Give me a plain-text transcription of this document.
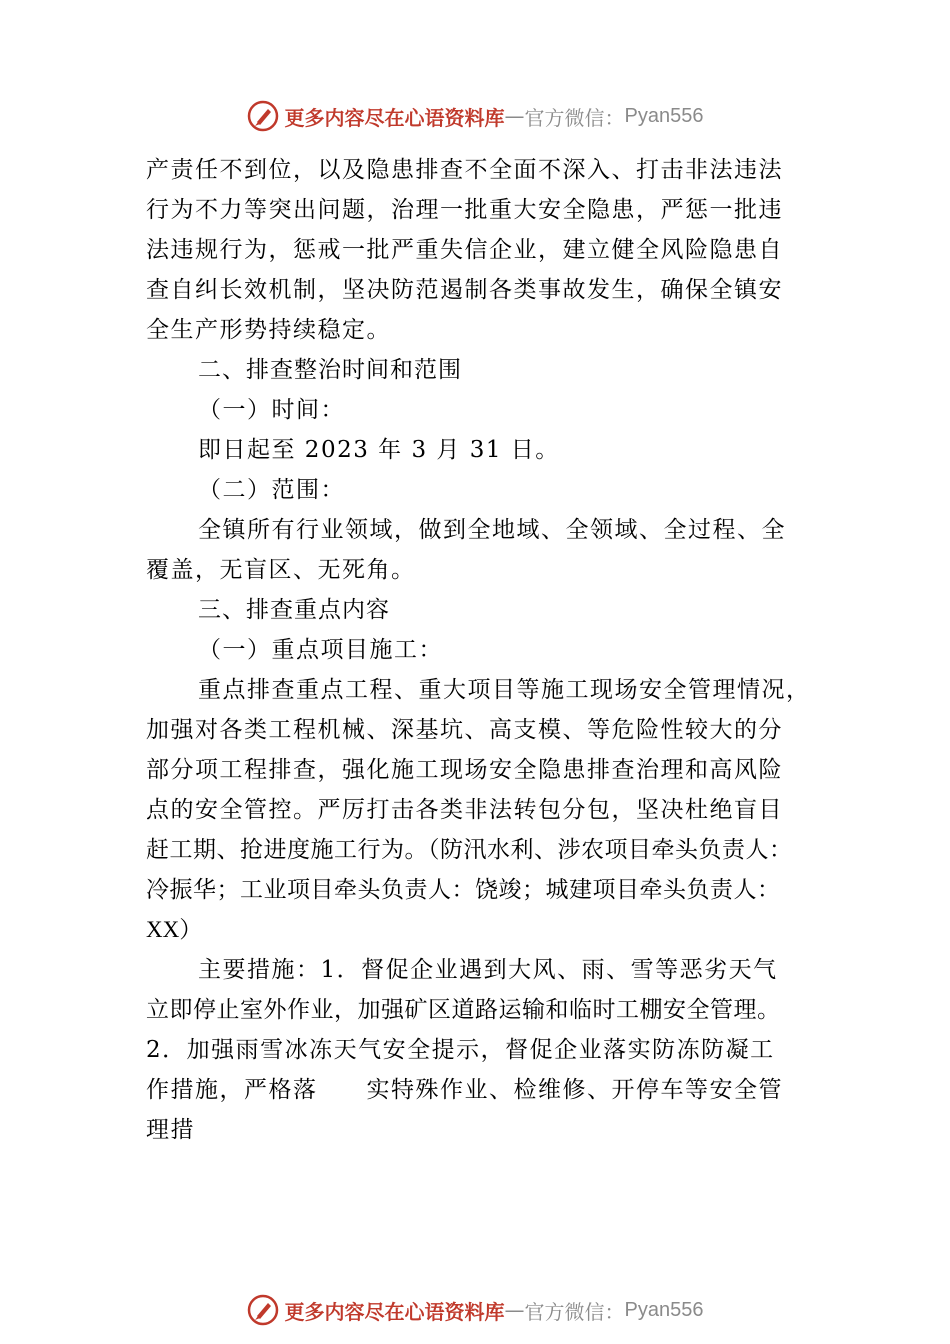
更多内容尽在心语资料库 — 官方微信： Pyan556
产责任不到位，以及隐患排查不全面不深入、打击非法违法
行为不力等突出问题，治理一批重大安全隐患，严惩一批违
法违规行为，惩戒一批严重失信企业，建立健全风险隐患自
查自纠长效机制，坚决防范遏制各类事故发生，确保全镇安
全生产形势持续稳定。
二、排查整治时间和范围
（一）时间：
即日起至 2023 年 3 月 31 日。
（二）范围：
全镇所有行业领域，做到全地域、全领域、全过程、全
覆盖，无盲区、无死角。
三、排查重点内容
（一）重点项目施工：
重点排查重点工程、重大项目等施工现场安全管理情况，
加强对各类工程机械、深基坑、高支模、等危险性较大的分
部分项工程排查，强化施工现场安全隐患排查治理和高风险
点的安全管控。严厉打击各类非法转包分包，坚决杜绝盲目
赶工期、抢进度施工行为。（防汛水利、涉农项目牵头负责人：
冷振华；工业项目牵头负责人：饶竣；城建项目牵头负责人：
XX）
主要措施：1．督促企业遇到大风、雨、雪等恶劣天气
立即停止室外作业，加强矿区道路运输和临时工棚安全管理。
2．加强雨雪冰冻天气安全提示，督促企业落实防冻防凝工
作措施，严格落　　实特殊作业、检维修、开停车等安全管
理措
更多内容尽在心语资料库 — 官方微信： Pyan556
